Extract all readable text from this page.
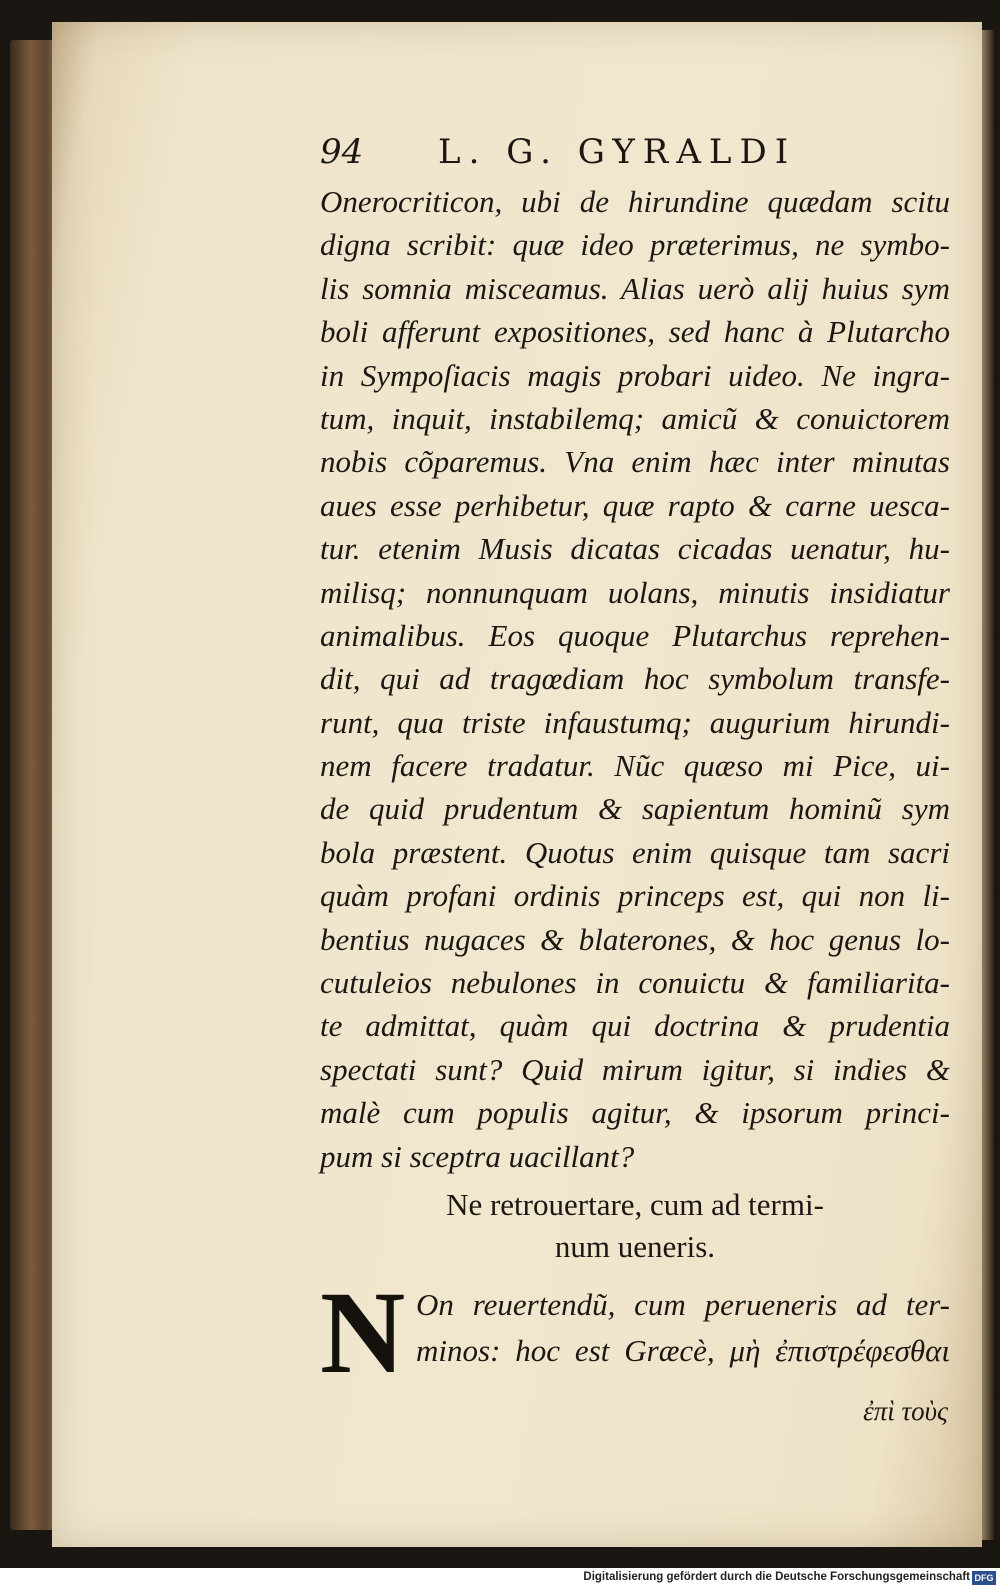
94	L. G. GYRALDI
Onerocriticon, ubi de hirundine quædam scitu
digna scribit: quæ ideo præterimus, ne symbo-
lis somnia misceamus. Alias uerò alij huius sym
boli afferunt expositiones, sed hanc à Plutarcho
in Sympoſiacis magis probari uideo. Ne ingra-
tum, inquit, instabilemq; amicũ & conuictorem
nobis cõparemus. Vna enim hæc inter minutas
aues esse perhibetur, quæ rapto & carne uesca-
tur. etenim Musis dicatas cicadas uenatur, hu-
milisq; nonnunquam uolans, minutis insidiatur
animalibus. Eos quoque Plutarchus reprehen-
dit, qui ad tragœdiam hoc symbolum transfe-
runt, qua triste infaustumq; augurium hirundi-
nem facere tradatur. Nũc quæso mi Pice, ui-
de quid prudentum & sapientum hominũ sym
bola præstent. Quotus enim quisque tam sacri
quàm profani ordinis princeps est, qui non li-
bentius nugaces & blaterones, & hoc genus lo-
cutuleios nebulones in conuictu & familiarita-
te admittat, quàm qui doctrina & prudentia
spectati sunt? Quid mirum igitur, si indies &
malè cum populis agitur, & ipsorum princi-
pum si sceptra uacillant?
Ne retrouertare, cum ad termi-
num ueneris.
N On reuertendũ, cum perueneris ad ter-
minos: hoc est Græcè, μὴ ἐπιστρέφεσθαι
ἐπὶ τοὺς
Digitalisierung gefördert durch die Deutsche Forschungsgemeinschaft DFG
